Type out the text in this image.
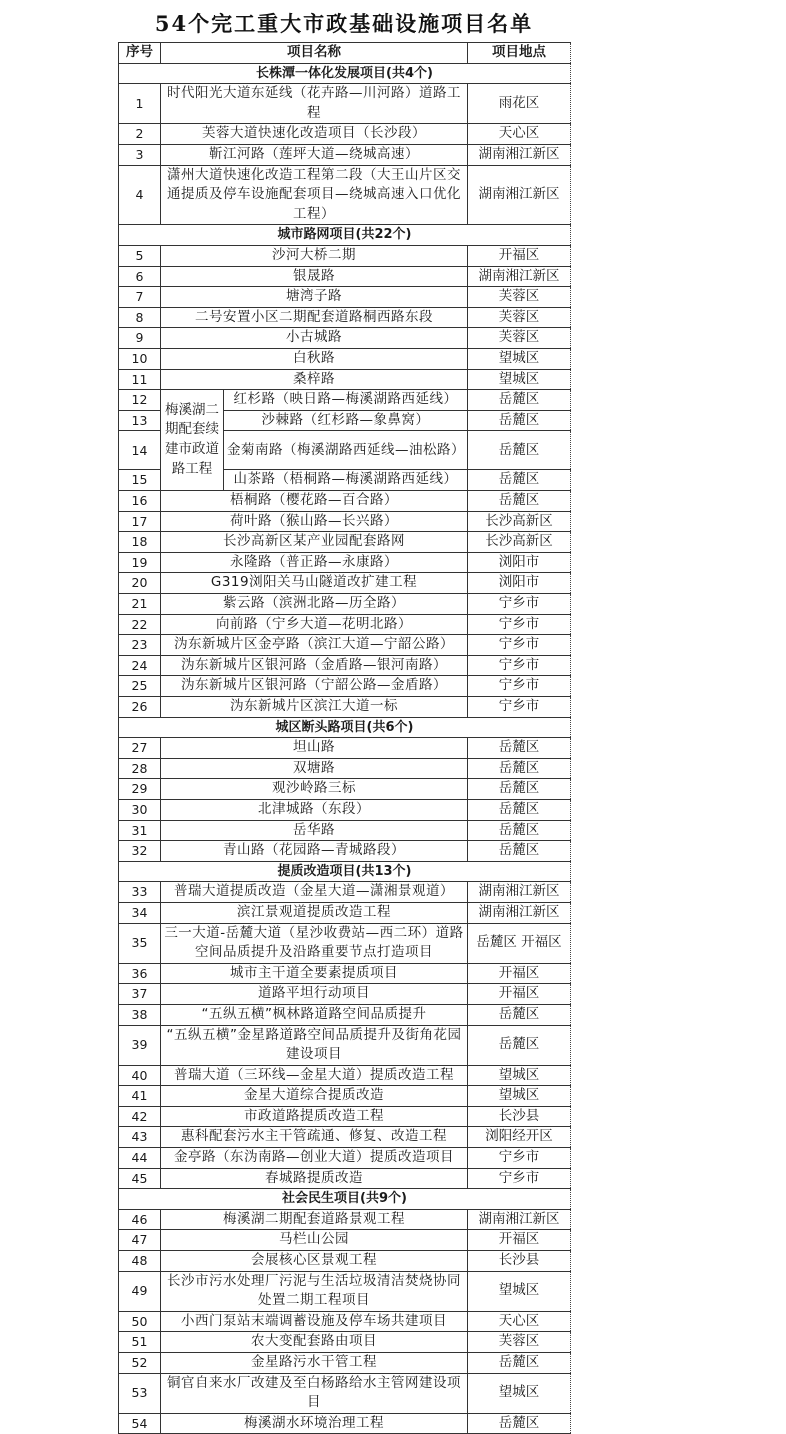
54个完工重大市政基础设施项目名单
序号	项目名称		项目地点
长株潭一体化发展项目(共4个)			
1	时代阳光大道东延线（花卉路—川河路）道路工程		雨花区
2	芙蓉大道快速化改造项目（长沙段）		天心区
3	靳江河路（莲坪大道—绕城高速）		湖南湘江新区
4	潇州大道快速化改造工程第二段（大王山片区交通提质及停车设施配套项目—绕城高速入口优化工程）		湖南湘江新区
城市路网项目(共22个)			
5	沙河大桥二期		开福区
6	银晟路		湖南湘江新区
7	塘湾子路		芙蓉区
8	二号安置小区二期配套道路桐西路东段		芙蓉区
9	小古城路		芙蓉区
10	白秋路		望城区
11	桑梓路		望城区
12	梅溪湖二期配套续建市政道路工程	红杉路（映日路—梅溪湖路西延线）	岳麓区
13		沙棘路（红杉路—象鼻窝）	岳麓区
14		金菊南路（梅溪湖路西延线—油松路）	岳麓区
15		山茶路（梧桐路—梅溪湖路西延线）	岳麓区
16	梧桐路（樱花路—百合路）		岳麓区
17	荷叶路（猴山路—长兴路）		长沙高新区
18	长沙高新区某产业园配套路网		长沙高新区
19	永隆路（普正路—永康路）		浏阳市
20	G319浏阳关马山隧道改扩建工程		浏阳市
21	紫云路（滨洲北路—历全路）		宁乡市
22	向前路（宁乡大道—花明北路）		宁乡市
23	沩东新城片区金亭路（滨江大道—宁韶公路）		宁乡市
24	沩东新城片区银河路（金盾路—银河南路）		宁乡市
25	沩东新城片区银河路（宁韶公路—金盾路）		宁乡市
26	沩东新城片区滨江大道一标		宁乡市
城区断头路项目(共6个)			
27	坦山路		岳麓区
28	双塘路		岳麓区
29	观沙岭路三标		岳麓区
30	北津城路（东段）		岳麓区
31	岳华路		岳麓区
32	青山路（花园路—青城路段）		岳麓区
提质改造项目(共13个)			
33	普瑞大道提质改造（金星大道—潇湘景观道）		湖南湘江新区
34	滨江景观道提质改造工程		湖南湘江新区
35	三一大道-岳麓大道（星沙收费站—西二环）道路空间品质提升及沿路重要节点打造项目		岳麓区 开福区
36	城市主干道全要素提质项目		开福区
37	道路平坦行动项目		开福区
38	“五纵五横”枫林路道路空间品质提升		岳麓区
39	“五纵五横”金星路道路空间品质提升及街角花园建设项目		岳麓区
40	普瑞大道（三环线—金星大道）提质改造工程		望城区
41	金星大道综合提质改造		望城区
42	市政道路提质改造工程		长沙县
43	惠科配套污水主干管疏通、修复、改造工程		浏阳经开区
44	金亭路（东沩南路—创业大道）提质改造项目		宁乡市
45	春城路提质改造		宁乡市
社会民生项目(共9个)			
46	梅溪湖二期配套道路景观工程		湖南湘江新区
47	马栏山公园		开福区
48	会展核心区景观工程		长沙县
49	长沙市污水处理厂污泥与生活垃圾清洁焚烧协同处置二期工程项目		望城区
50	小西门泵站末端调蓄设施及停车场共建项目		天心区
51	农大变配套路由项目		芙蓉区
52	金星路污水干管工程		岳麓区
53	铜官自来水厂改建及至白杨路给水主管网建设项目		望城区
54	梅溪湖水环境治理工程		岳麓区
